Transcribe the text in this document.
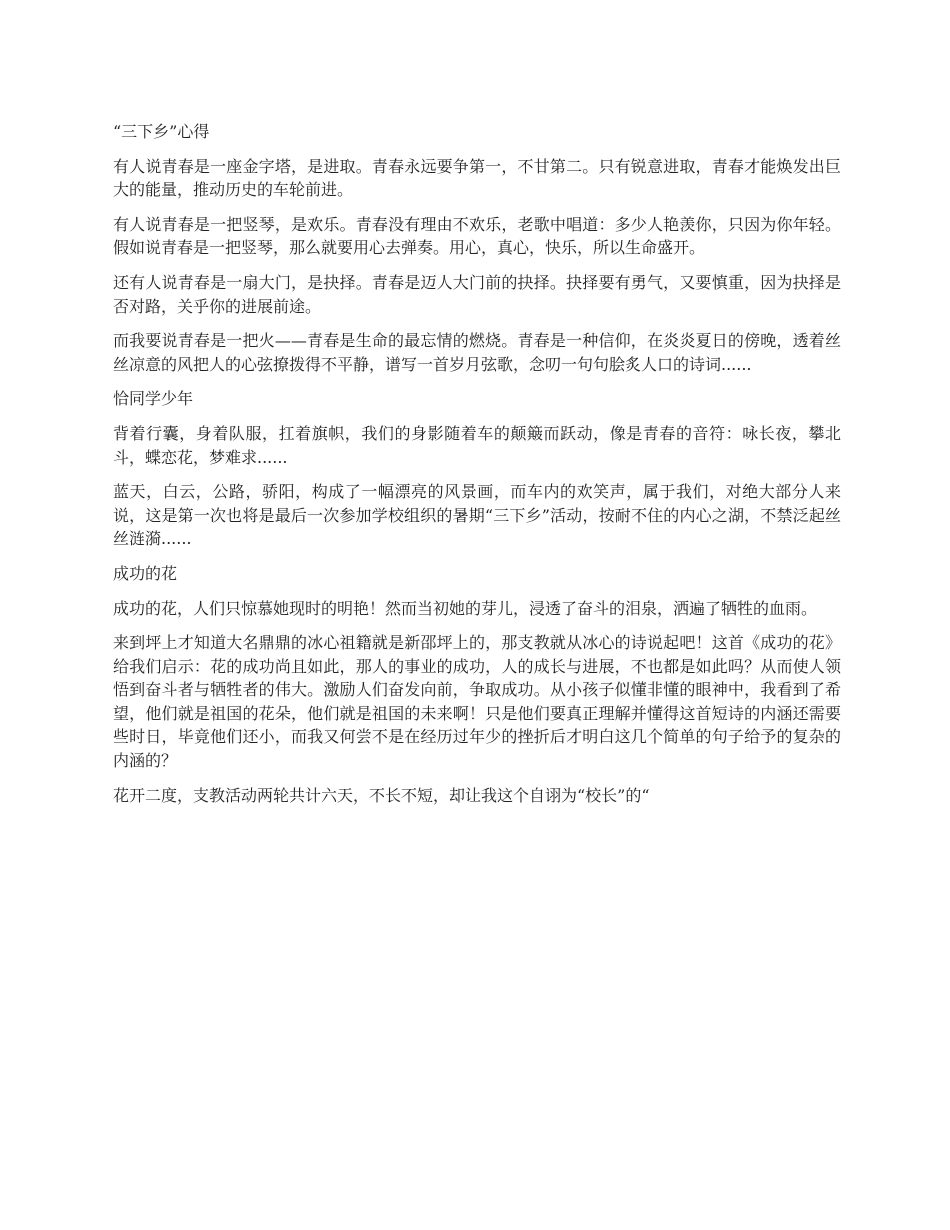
“三下乡”心得

有人说青春是一座金字塔，是进取。青春永远要争第一，不甘第二。只有锐意进取，青春才能焕发出巨大的能量，推动历史的车轮前进。

有人说青春是一把竖琴，是欢乐。青春没有理由不欢乐，老歌中唱道：多少人艳羡你，只因为你年轻。假如说青春是一把竖琴，那么就要用心去弹奏。用心，真心，快乐，所以生命盛开。

还有人说青春是一扇大门，是抉择。青春是迈人大门前的抉择。抉择要有勇气，又要慎重，因为抉择是否对路，关乎你的进展前途。

而我要说青春是一把火——青春是生命的最忘情的燃烧。青春是一种信仰，在炎炎夏日的傍晚，透着丝丝凉意的风把人的心弦撩拨得不平静，谱写一首岁月弦歌，念叨一句句脍炙人口的诗词......

恰同学少年

背着行囊，身着队服，扛着旗帜，我们的身影随着车的颠簸而跃动，像是青春的音符：咏长夜，攀北斗，蝶恋花，梦难求......

蓝天，白云，公路，骄阳，构成了一幅漂亮的风景画，而车内的欢笑声，属于我们，对绝大部分人来说，这是第一次也将是最后一次参加学校组织的暑期“三下乡”活动，按耐不住的内心之湖，不禁泛起丝丝涟漪......

成功的花

成功的花，人们只惊慕她现时的明艳！然而当初她的芽儿，浸透了奋斗的泪泉，洒遍了牺牲的血雨。

来到坪上才知道大名鼎鼎的冰心祖籍就是新邵坪上的，那支教就从冰心的诗说起吧！这首《成功的花》给我们启示：花的成功尚且如此，那人的事业的成功，人的成长与进展，不也都是如此吗？从而使人领悟到奋斗者与牺牲者的伟大。激励人们奋发向前，争取成功。从小孩子似懂非懂的眼神中，我看到了希望，他们就是祖国的花朵，他们就是祖国的未来啊！只是他们要真正理解并懂得这首短诗的内涵还需要些时日，毕竟他们还小，而我又何尝不是在经历过年少的挫折后才明白这几个简单的句子给予的复杂的内涵的？

花开二度，支教活动两轮共计六天，不长不短，却让我这个自诩为“校长”的“
